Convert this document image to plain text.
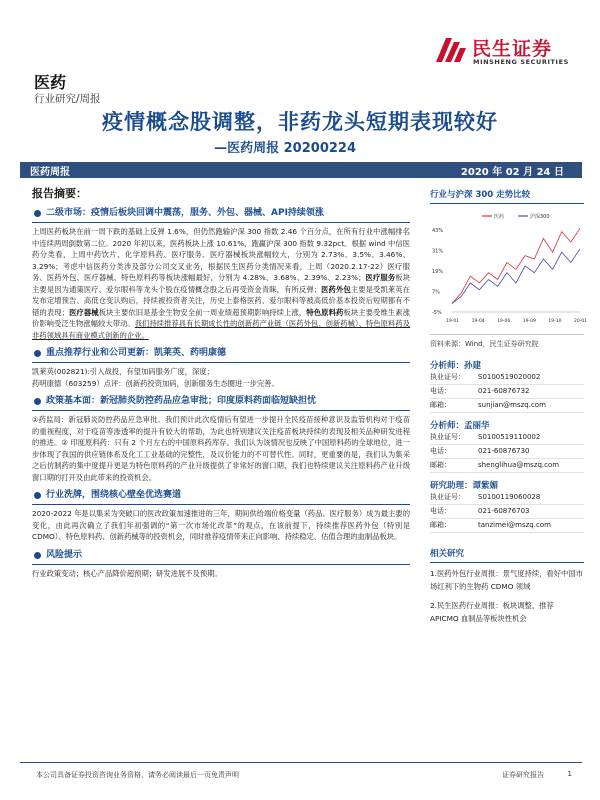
民生证券
MINSHENG SECURITIES
医药
行业研究/周报
疫情概念股调整，非药龙头短期表现较好
—医药周报 20200224
医药周报	2020 年 02 月 24 日
报告摘要：
二级市场：疫情后板块回调中震荡，服务、外包、器械、API持续领涨
上周医药板块在前一周下跌的基础上反弹 1.6%，但仍然跑输沪深 300 指数 2.46 个百分点，在所有行业中涨幅排名中连续两周倒数第二位。2020 年初以来，医药板块上涨 10.61%，跑赢沪深 300 指数 9.32pct。根据 wind 中信医药分类看，上周中药饮片、化学原料药、医疗服务、医疗器械板块涨幅较大，分别为 2.73%、3.5%、3.46%、3.29%；考虑中信医药分类涉及部分公司交叉业务，根据民生医药分类情况来看，上周（2020.2.17-22）医疗服务、医药外包、医疗器械、特色原料药等板块涨幅最好，分别为 4.28%、3.68%、2.39%、2.23%；医疗服务板块主要是因为通策医疗、爱尔眼科等龙头个股在疫情概念股之后再受资金青睐，有所反弹；医药外包主要是受凯莱英在发布定增预告、高低仓变认购后，持续被投资者关注，历史上泰格医药、爱尔眼科等被高低价基本投资后短期都有不错的表现；医疗器械板块主要依旧是基金生物安全前一周业绩超预期影响持续上涨，特色原料药板块主要受维生素涨价影响受泛生物涨幅较大带动。我们持续推荐具有长期成长性的创新药产业链（医药外包、创新药械）、特色原料药及非药领域具有商业模式创新的企业。
重点推荐行业和公司更新：凯莱英、药明康德
凯莱英(002821):引入战投，有望加码服务广度，深度；
药明康德（603259）点评：创新药投资加码，创新服务生态圈进一步完善。
政策基本面：新冠肺炎防控药品应急审批；印度原料药面临短缺担忧
①药监局：新冠肺炎防控药品应急审批。我们预计此次疫情后有望进一步提升全民疫苗接种意识及监管机构对于疫苗的重视程度，对于疫苗等渗透率的提升有较大的帮助，为此也特别建议关注疫苗板块持续的表现及相关品种研发进程的推进。② 印度原料药：只有 2 个月左右的中国原料药库存。我们认为该情况也反映了中国原料药的全球地位，进一步体现了我国的供应链体系及化工工业基础的完整性，及议价能力的不可替代性。同时，更重要的是，我们认为集采之后仿制药的集中度提升更是为特色原料药的产业升级提供了非常好的窗口期，我们也特续建议关注原料药产业升级窗口期的打开及由此带来的投资机会。
行业洗牌，围绕核心壁垒优选赛道
2020-2022 年是以集采为突破口的医改政策加速推进的三年，期间供给端价格变量（药品、医疗服务）成为最主要的变化，由此再次确立了我们年初强调的“第一次市场化改革”的观点，在该前提下，持续推荐医药外包（特别是 CDMO）、特色原料药、创新药械等的投资机会，同时推荐疫情带来正向影响、持续稳定、估值合理的血制品板块。
风险提示
行业政策变动；核心产品降价超预期；研发进展不及预期。
行业与沪深 300 走势比较
医药	沪深300
43%
31%
19%
7%
-5%
19-01	19-04	19-06	19-09	19-10	20-01
资料来源：Wind，民生证券研究院
分析师：孙建
执业证号：	S0100519020002
电话：	021-60876732
邮箱：	sunjian@mszq.com
分析师：孟丽华
执业证号：	S0100519110002
电话：	021-60876730
邮箱：	shenglihua@mszq.com
研究助理：谭紫媚
执业证号：	S0100119060028
电话：	021-60876703
邮箱：	tanzimei@mszq.com
相关研究
1.医药外包行业周报：景气度持续，看好中国市场红利下的生物药 CDMO 领域
2.民生医药行业周报：板块调整，推荐 APICMO 血制品等板块性机会
本公司具备证券投资咨询业务资格，请务必阅读最后一页免责声明	证券研究报告	1
